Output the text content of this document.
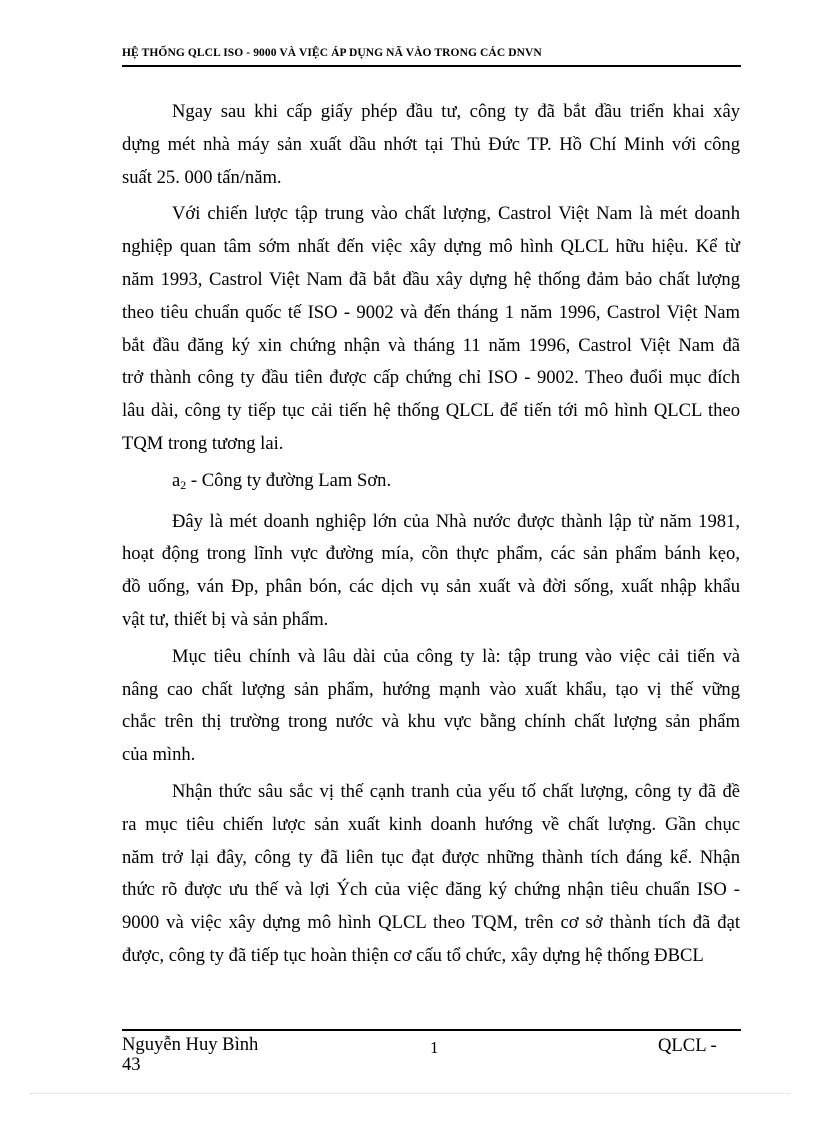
HỆ THỐNG QLCL ISO - 9000 VÀ VIỆC ÁP DỤNG NÃ VÀO TRONG CÁC DNVN

Ngay sau khi cấp giấy phép đầu tư, công ty đã bắt đầu triển khai xây
dựng mét nhà máy sản xuất dầu nhớt tại Thủ Đức TP. Hồ Chí Minh với công
suất 25. 000 tấn/năm.

Với chiến lược tập trung vào chất lượng, Castrol Việt Nam là mét doanh
nghiệp quan tâm sớm nhất đến việc xây dựng mô hình QLCL hữu hiệu. Kể từ
năm 1993, Castrol Việt Nam đã bắt đầu xây dựng hệ thống đảm bảo chất lượng
theo tiêu chuẩn quốc tế ISO - 9002 và đến tháng 1 năm 1996, Castrol Việt Nam
bắt đầu đăng ký xin chứng nhận và tháng 11 năm 1996, Castrol Việt Nam đã
trở thành công ty đầu tiên được cấp chứng chỉ ISO - 9002. Theo đuổi mục đích
lâu dài, công ty tiếp tục cải tiến hệ thống QLCL để tiến tới mô hình QLCL theo
TQM trong tương lai.

$a_2$ - Công ty đường Lam Sơn.

Đây là mét doanh nghiệp lớn của Nhà nước được thành lập từ năm 1981,
hoạt động trong lĩnh vực đường mía, cồn thực phẩm, các sản phẩm bánh kẹo,
đồ uống, ván Ðp, phân bón, các dịch vụ sản xuất và đời sống, xuất nhập khẩu
vật tư, thiết bị và sản phẩm.

Mục tiêu chính và lâu dài của công ty là: tập trung vào việc cải tiến và
nâng cao chất lượng sản phẩm, hướng mạnh vào xuất khẩu, tạo vị thế vững
chắc trên thị trường trong nước và khu vực bằng chính chất lượng sản phẩm
của mình.

Nhận thức sâu sắc vị thế cạnh tranh của yếu tố chất lượng, công ty đã đề
ra mục tiêu chiến lược sản xuất kinh doanh hướng về chất lượng. Gần chục
năm trở lại đây, công ty đã liên tục đạt được những thành tích đáng kể. Nhận
thức rõ được ưu thế và lợi Ých của việc đăng ký chứng nhận tiêu chuẩn ISO -
9000 và việc xây dựng mô hình QLCL theo TQM, trên cơ sở thành tích đã đạt
được, công ty đã tiếp tục hoàn thiện cơ cấu tổ chức, xây dựng hệ thống ĐBCL

Nguyễn Huy Bình
43
1	QLCL -
